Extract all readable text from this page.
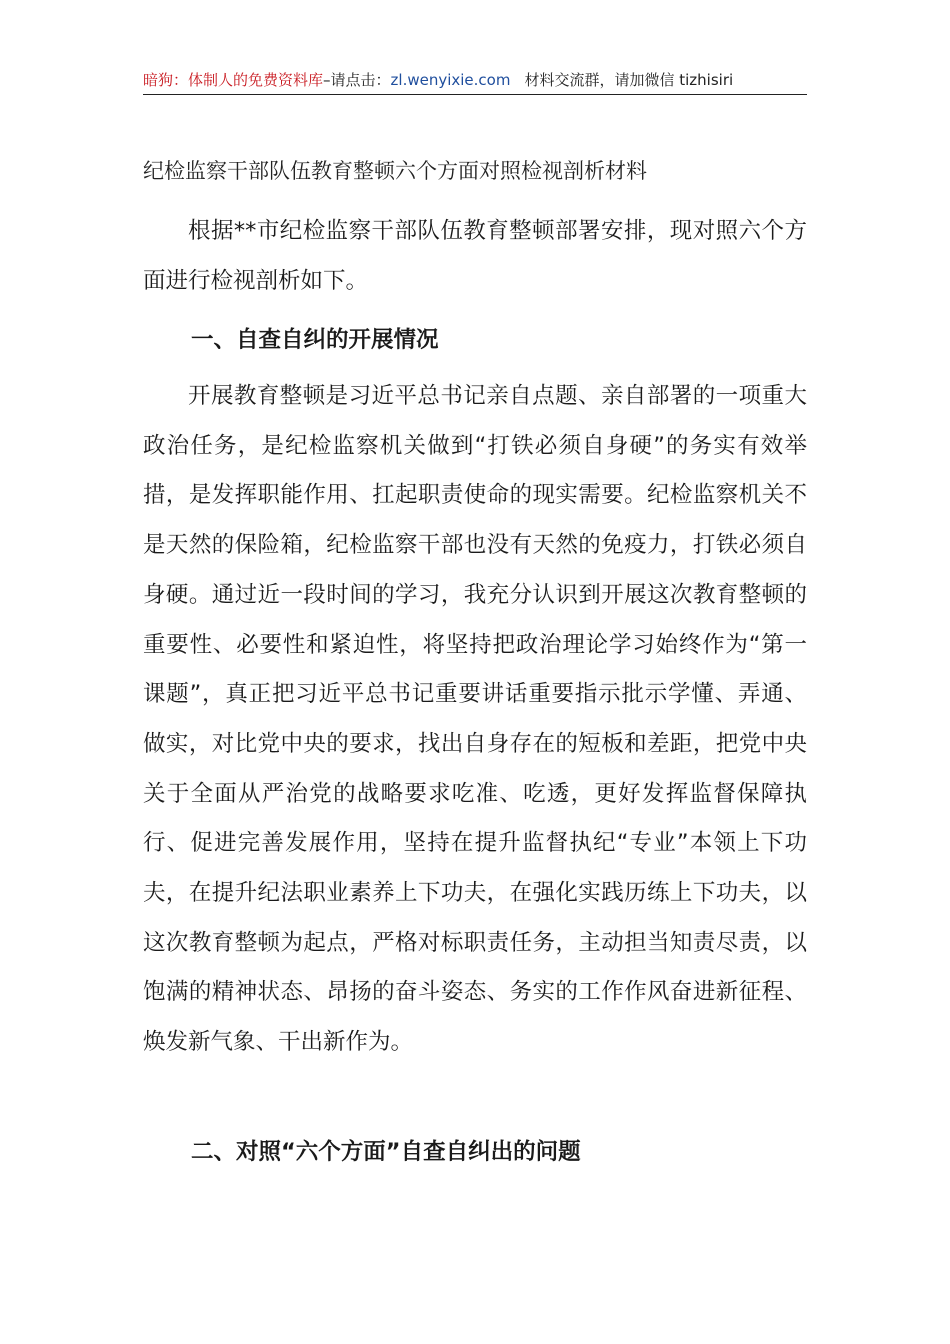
暗狗：体制人的免费资料库–请点击：zl.wenyixie.com 材料交流群，请加微信 tizhisiri
纪检监察干部队伍教育整顿六个方面对照检视剖析材料

根据**市纪检监察干部队伍教育整顿部署安排，现对照六个方面进行检视剖析如下。

一、自查自纠的开展情况

开展教育整顿是习近平总书记亲自点题、亲自部署的一项重大政治任务，是纪检监察机关做到“打铁必须自身硬”的务实有效举措，是发挥职能作用、扛起职责使命的现实需要。纪检监察机关不是天然的保险箱，纪检监察干部也没有天然的免疫力，打铁必须自身硬。通过近一段时间的学习，我充分认识到开展这次教育整顿的重要性、必要性和紧迫性，将坚持把政治理论学习始终作为“第一课题”，真正把习近平总书记重要讲话重要指示批示学懂、弄通、做实，对比党中央的要求，找出自身存在的短板和差距，把党中央关于全面从严治党的战略要求吃准、吃透，更好发挥监督保障执行、促进完善发展作用，坚持在提升监督执纪“专业”本领上下功夫，在提升纪法职业素养上下功夫，在强化实践历练上下功夫，以这次教育整顿为起点，严格对标职责任务，主动担当知责尽责，以饱满的精神状态、昂扬的奋斗姿态、务实的工作作风奋进新征程、焕发新气象、干出新作为。

二、对照“六个方面”自查自纠出的问题
